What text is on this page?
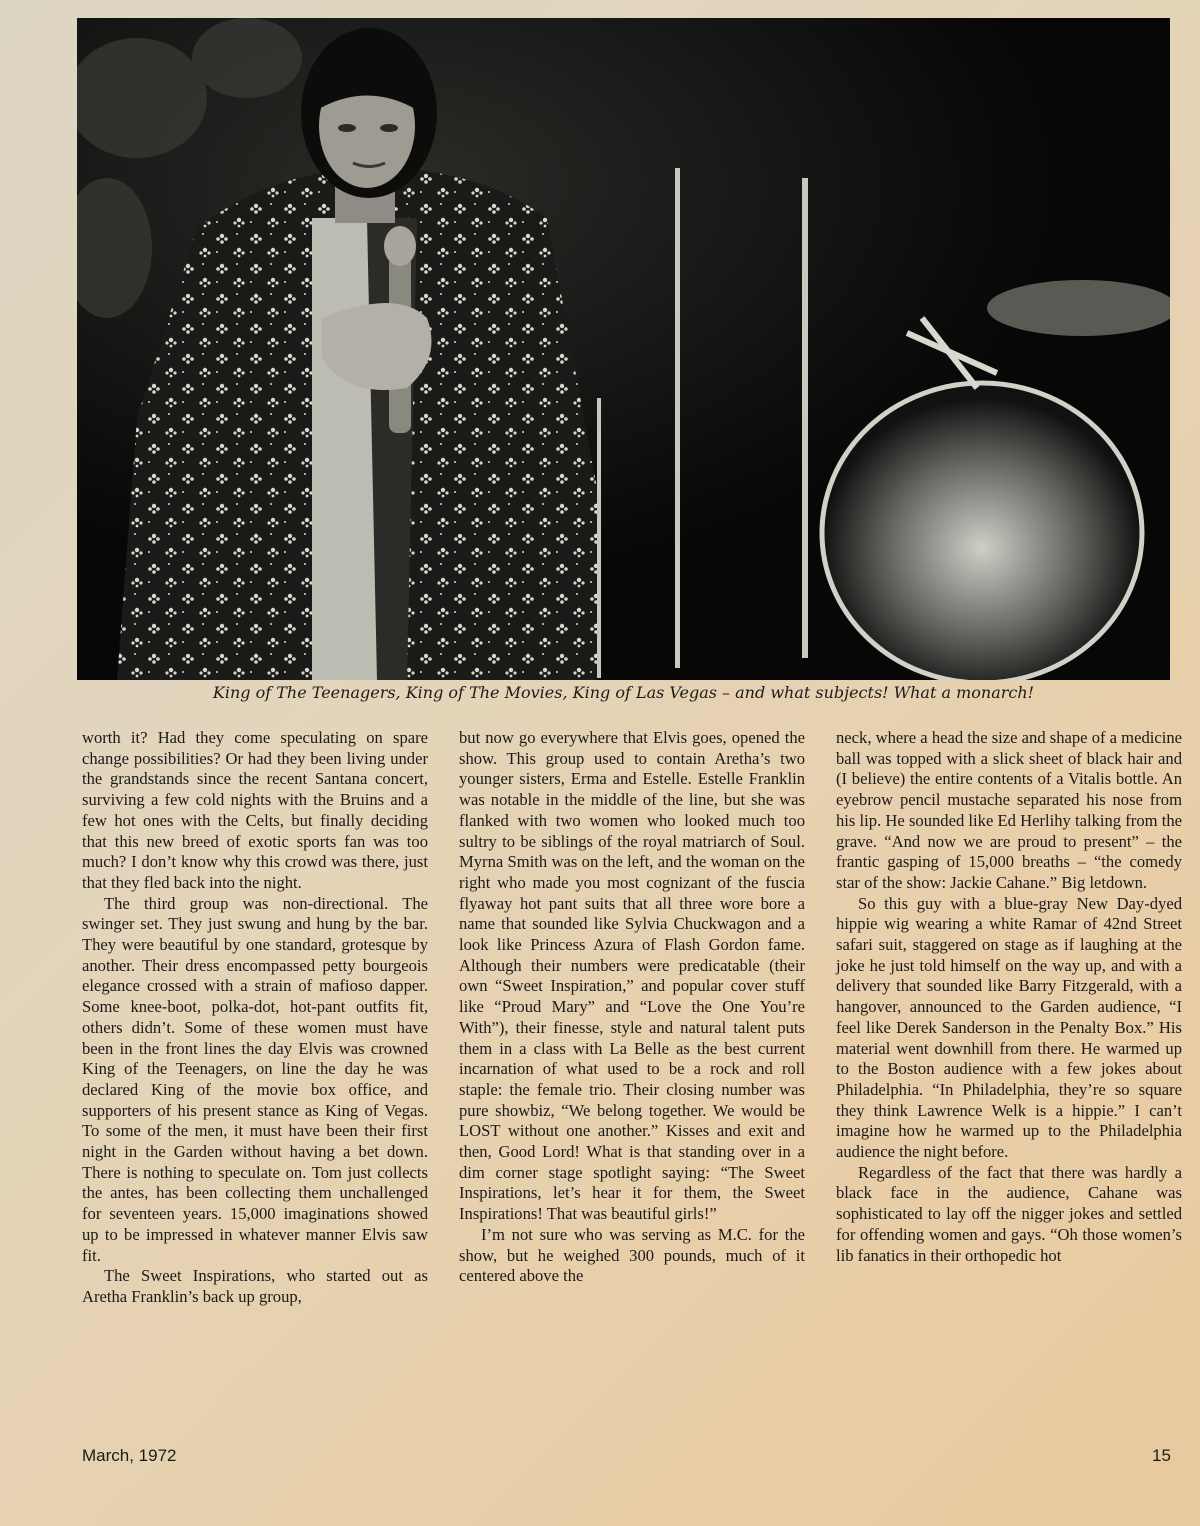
King of The Teenagers, King of The Movies, King of Las Vegas – and what subjects! What a monarch!

worth it? Had they come speculating on spare change possibilities? Or had they been living under the grandstands since the recent Santana concert, surviving a few cold nights with the Bruins and a few hot ones with the Celts, but finally deciding that this new breed of exotic sports fan was too much? I don’t know why this crowd was there, just that they fled back into the night.

The third group was non-directional. The swinger set. They just swung and hung by the bar. They were beautiful by one standard, grotesque by another. Their dress encompassed petty bourgeois elegance crossed with a strain of mafioso dapper. Some knee-boot, polka-dot, hot-pant outfits fit, others didn’t. Some of these women must have been in the front lines the day Elvis was crowned King of the Teenagers, on line the day he was declared King of the movie box office, and supporters of his present stance as King of Vegas. To some of the men, it must have been their first night in the Garden without having a bet down. There is nothing to speculate on. Tom just collects the antes, has been collecting them unchallenged for seventeen years. 15,000 imaginations showed up to be impressed in whatever manner Elvis saw fit.

The Sweet Inspirations, who started out as Aretha Franklin’s back up group,

but now go everywhere that Elvis goes, opened the show. This group used to contain Aretha’s two younger sisters, Erma and Estelle. Estelle Franklin was notable in the middle of the line, but she was flanked with two women who looked much too sultry to be siblings of the royal matriarch of Soul. Myrna Smith was on the left, and the woman on the right who made you most cognizant of the fuscia flyaway hot pant suits that all three wore bore a name that sounded like Sylvia Chuckwagon and a look like Princess Azura of Flash Gordon fame. Although their numbers were predicatable (their own “Sweet Inspiration,” and popular cover stuff like “Proud Mary” and “Love the One You’re With”), their finesse, style and natural talent puts them in a class with La Belle as the best current incarnation of what used to be a rock and roll staple: the female trio. Their closing number was pure showbiz, “We belong together. We would be LOST without one another.” Kisses and exit and then, Good Lord! What is that standing over in a dim corner stage spotlight saying: “The Sweet Inspirations, let’s hear it for them, the Sweet Inspirations! That was beautiful girls!”

I’m not sure who was serving as M.C. for the show, but he weighed 300 pounds, much of it centered above the

neck, where a head the size and shape of a medicine ball was topped with a slick sheet of black hair and (I believe) the entire contents of a Vitalis bottle. An eyebrow pencil mustache separated his nose from his lip. He sounded like Ed Herlihy talking from the grave. “And now we are proud to present” – the frantic gasping of 15,000 breaths – “the comedy star of the show: Jackie Cahane.” Big letdown.

So this guy with a blue-gray New Day-dyed hippie wig wearing a white Ramar of 42nd Street safari suit, staggered on stage as if laughing at the joke he just told himself on the way up, and with a delivery that sounded like Barry Fitzgerald, with a hangover, announced to the Garden audience, “I feel like Derek Sanderson in the Penalty Box.” His material went downhill from there. He warmed up to the Boston audience with a few jokes about Philadelphia. “In Philadelphia, they’re so square they think Lawrence Welk is a hippie.” I can’t imagine how he warmed up to the Philadelphia audience the night before.

Regardless of the fact that there was hardly a black face in the audience, Cahane was sophisticated to lay off the nigger jokes and settled for offending women and gays. “Oh those women’s lib fanatics in their orthopedic hot

March, 1972	15
